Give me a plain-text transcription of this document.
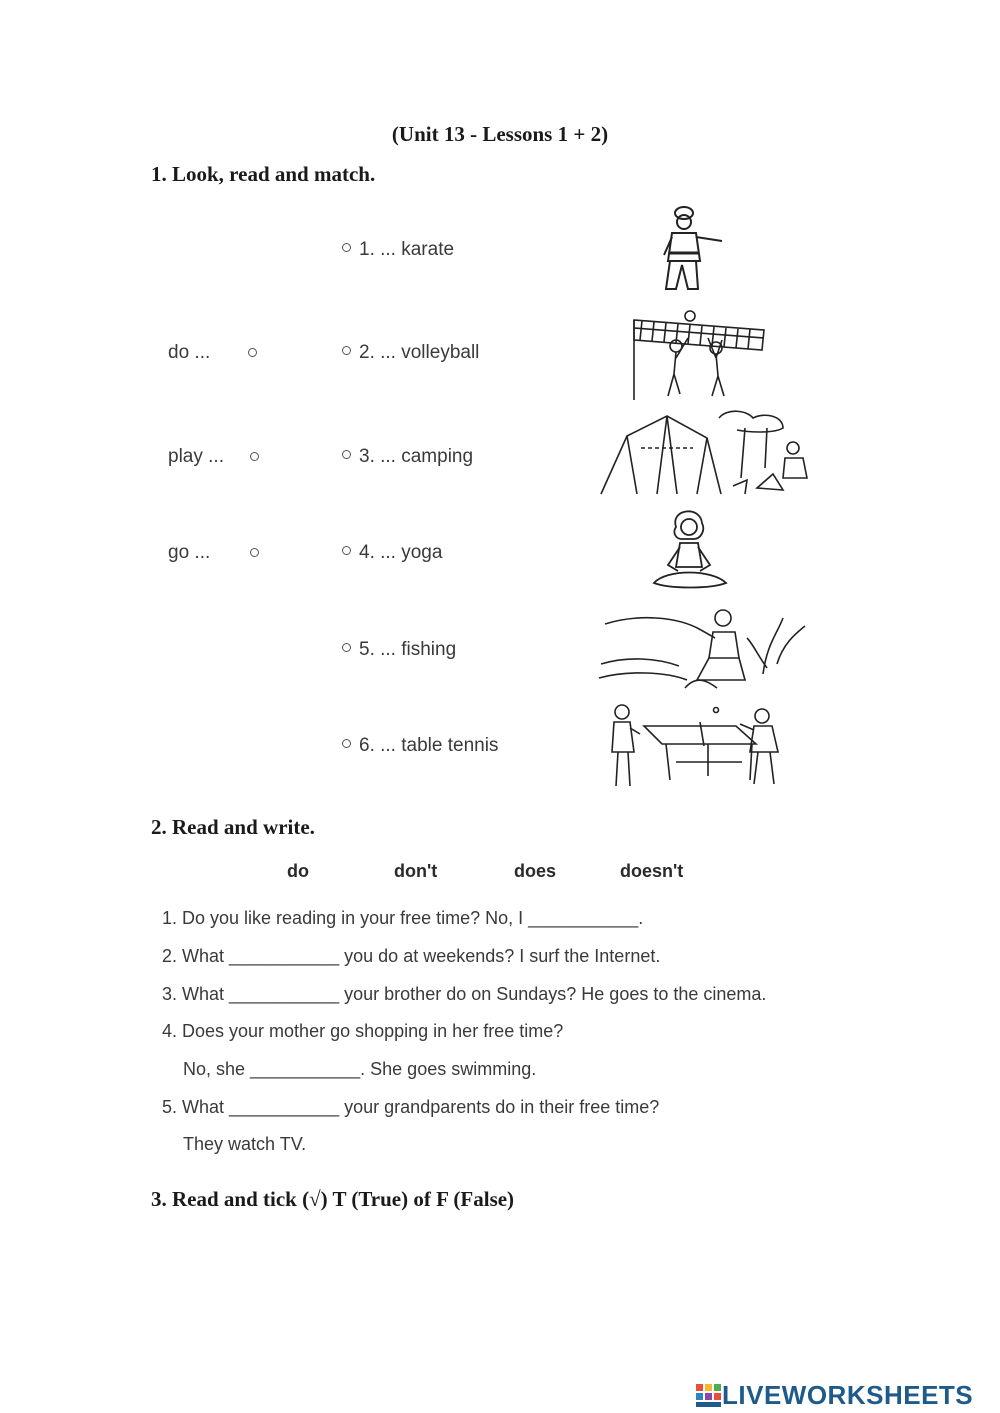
(Unit 13 - Lessons 1 + 2)
1. Look, read and match.
do ...
play ...
go ...
1. ... karate
2. ... volleyball
3. ... camping
4. ... yoga
5. ... fishing
6. ... table tennis
2. Read and write.
do	don't	does	doesn't
1. Do you like reading in your free time? No, I ___________.
2. What ___________ you do at weekends? I surf the Internet.
3. What ___________ your brother do on Sundays? He goes to the cinema.
4. Does your mother go shopping in her free time?
No, she ___________. She goes swimming.
5. What ___________ your grandparents do in their free time?
They watch TV.
3. Read and tick (√) T (True) of F (False)
LIVEWORKSHEETS
